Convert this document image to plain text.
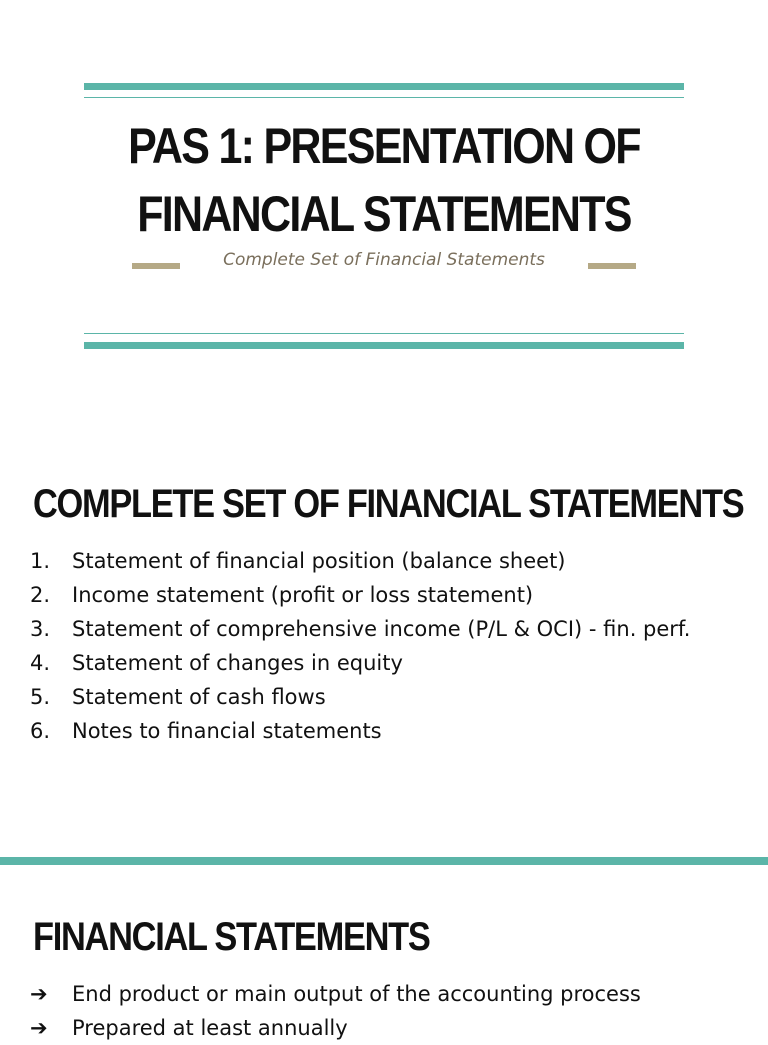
PAS 1: PRESENTATION OF
FINANCIAL STATEMENTS
Complete Set of Financial Statements
COMPLETE SET OF FINANCIAL STATEMENTS
1.	Statement of financial position (balance sheet)
2.	Income statement (profit or loss statement)
3.	Statement of comprehensive income (P/L & OCI) - fin. perf.
4.	Statement of changes in equity
5.	Statement of cash flows
6.	Notes to financial statements
FINANCIAL STATEMENTS
➔	End product or main output of the accounting process
➔	Prepared at least annually
